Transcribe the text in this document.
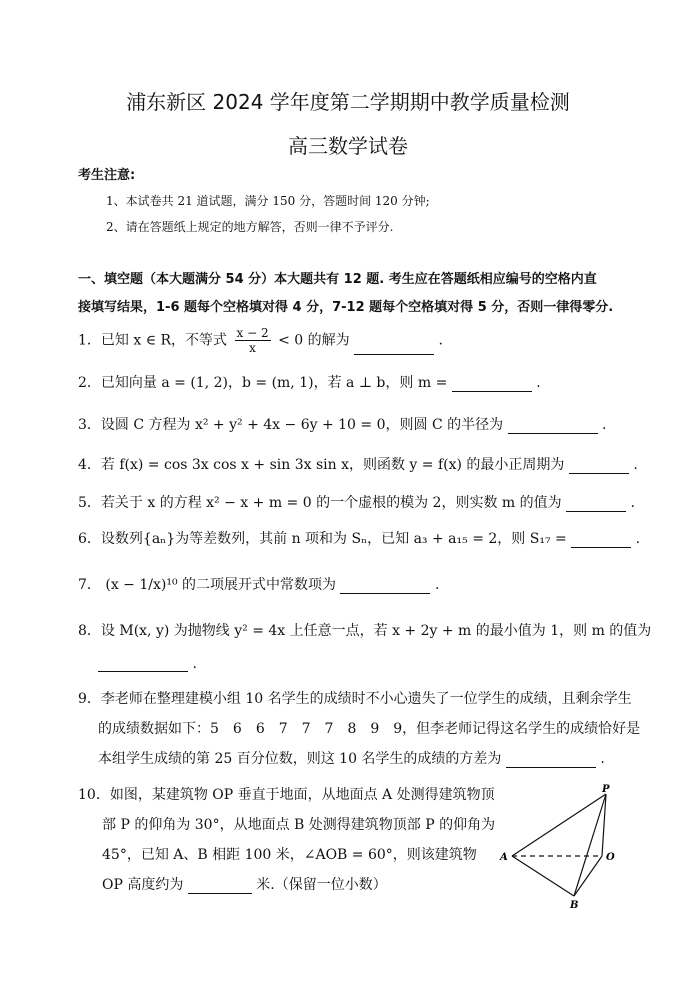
浦东新区 2024 学年度第二学期期中教学质量检测
高三数学试卷
考生注意:
1、本试卷共 21 道试题，满分 150 分，答题时间 120 分钟;
2、请在答题纸上规定的地方解答，否则一律不予评分.
一、填空题（本大题满分 54 分）本大题共有 12 题. 考生应在答题纸相应编号的空格内直
接填写结果，1-6 题每个空格填对得 4 分，7-12 题每个空格填对得 5 分，否则一律得零分.
1．已知 x ∈ R，不等式 $\frac{x - 2}{x} < 0$ 的解为	.
2．已知向量 a = (1, 2)，b = (m, 1)，若 a ⊥ b，则 m =	.
3．设圆 C 方程为 x² + y² + 4x − 6y + 10 = 0，则圆 C 的半径为	.
4．若 f(x) = cos 3x cos x + sin 3x sin x，则函数 y = f(x) 的最小正周期为	.
5．若关于 x 的方程 x² − x + m = 0 的一个虚根的模为 2，则实数 m 的值为	.
6．设数列{aₙ}为等差数列，其前 n 项和为 Sₙ，已知 a₃ + a₁₅ = 2，则 S₁₇ =	.
7． (x − 1/x)¹⁰ 的二项展开式中常数项为	.
8．设 M(x, y) 为抛物线 y² = 4x 上任意一点，若 x + 2y + m 的最小值为 1，则 m 的值为
.
9．李老师在整理建模小组 10 名学生的成绩时不小心遗失了一位学生的成绩，且剩余学生
的成绩数据如下：5　6　6　7　7　7　8　9　9，但李老师记得这名学生的成绩恰好是
本组学生成绩的第 25 百分位数，则这 10 名学生的成绩的方差为	.
10．如图，某建筑物 OP 垂直于地面，从地面点 A 处测得建筑物顶
部 P 的仰角为 30°，从地面点 B 处测得建筑物顶部 P 的仰角为
45°，已知 A、B 相距 100 米，∠AOB = 60°，则该建筑物
OP 高度约为	米.（保留一位小数）
P
A	O
B
